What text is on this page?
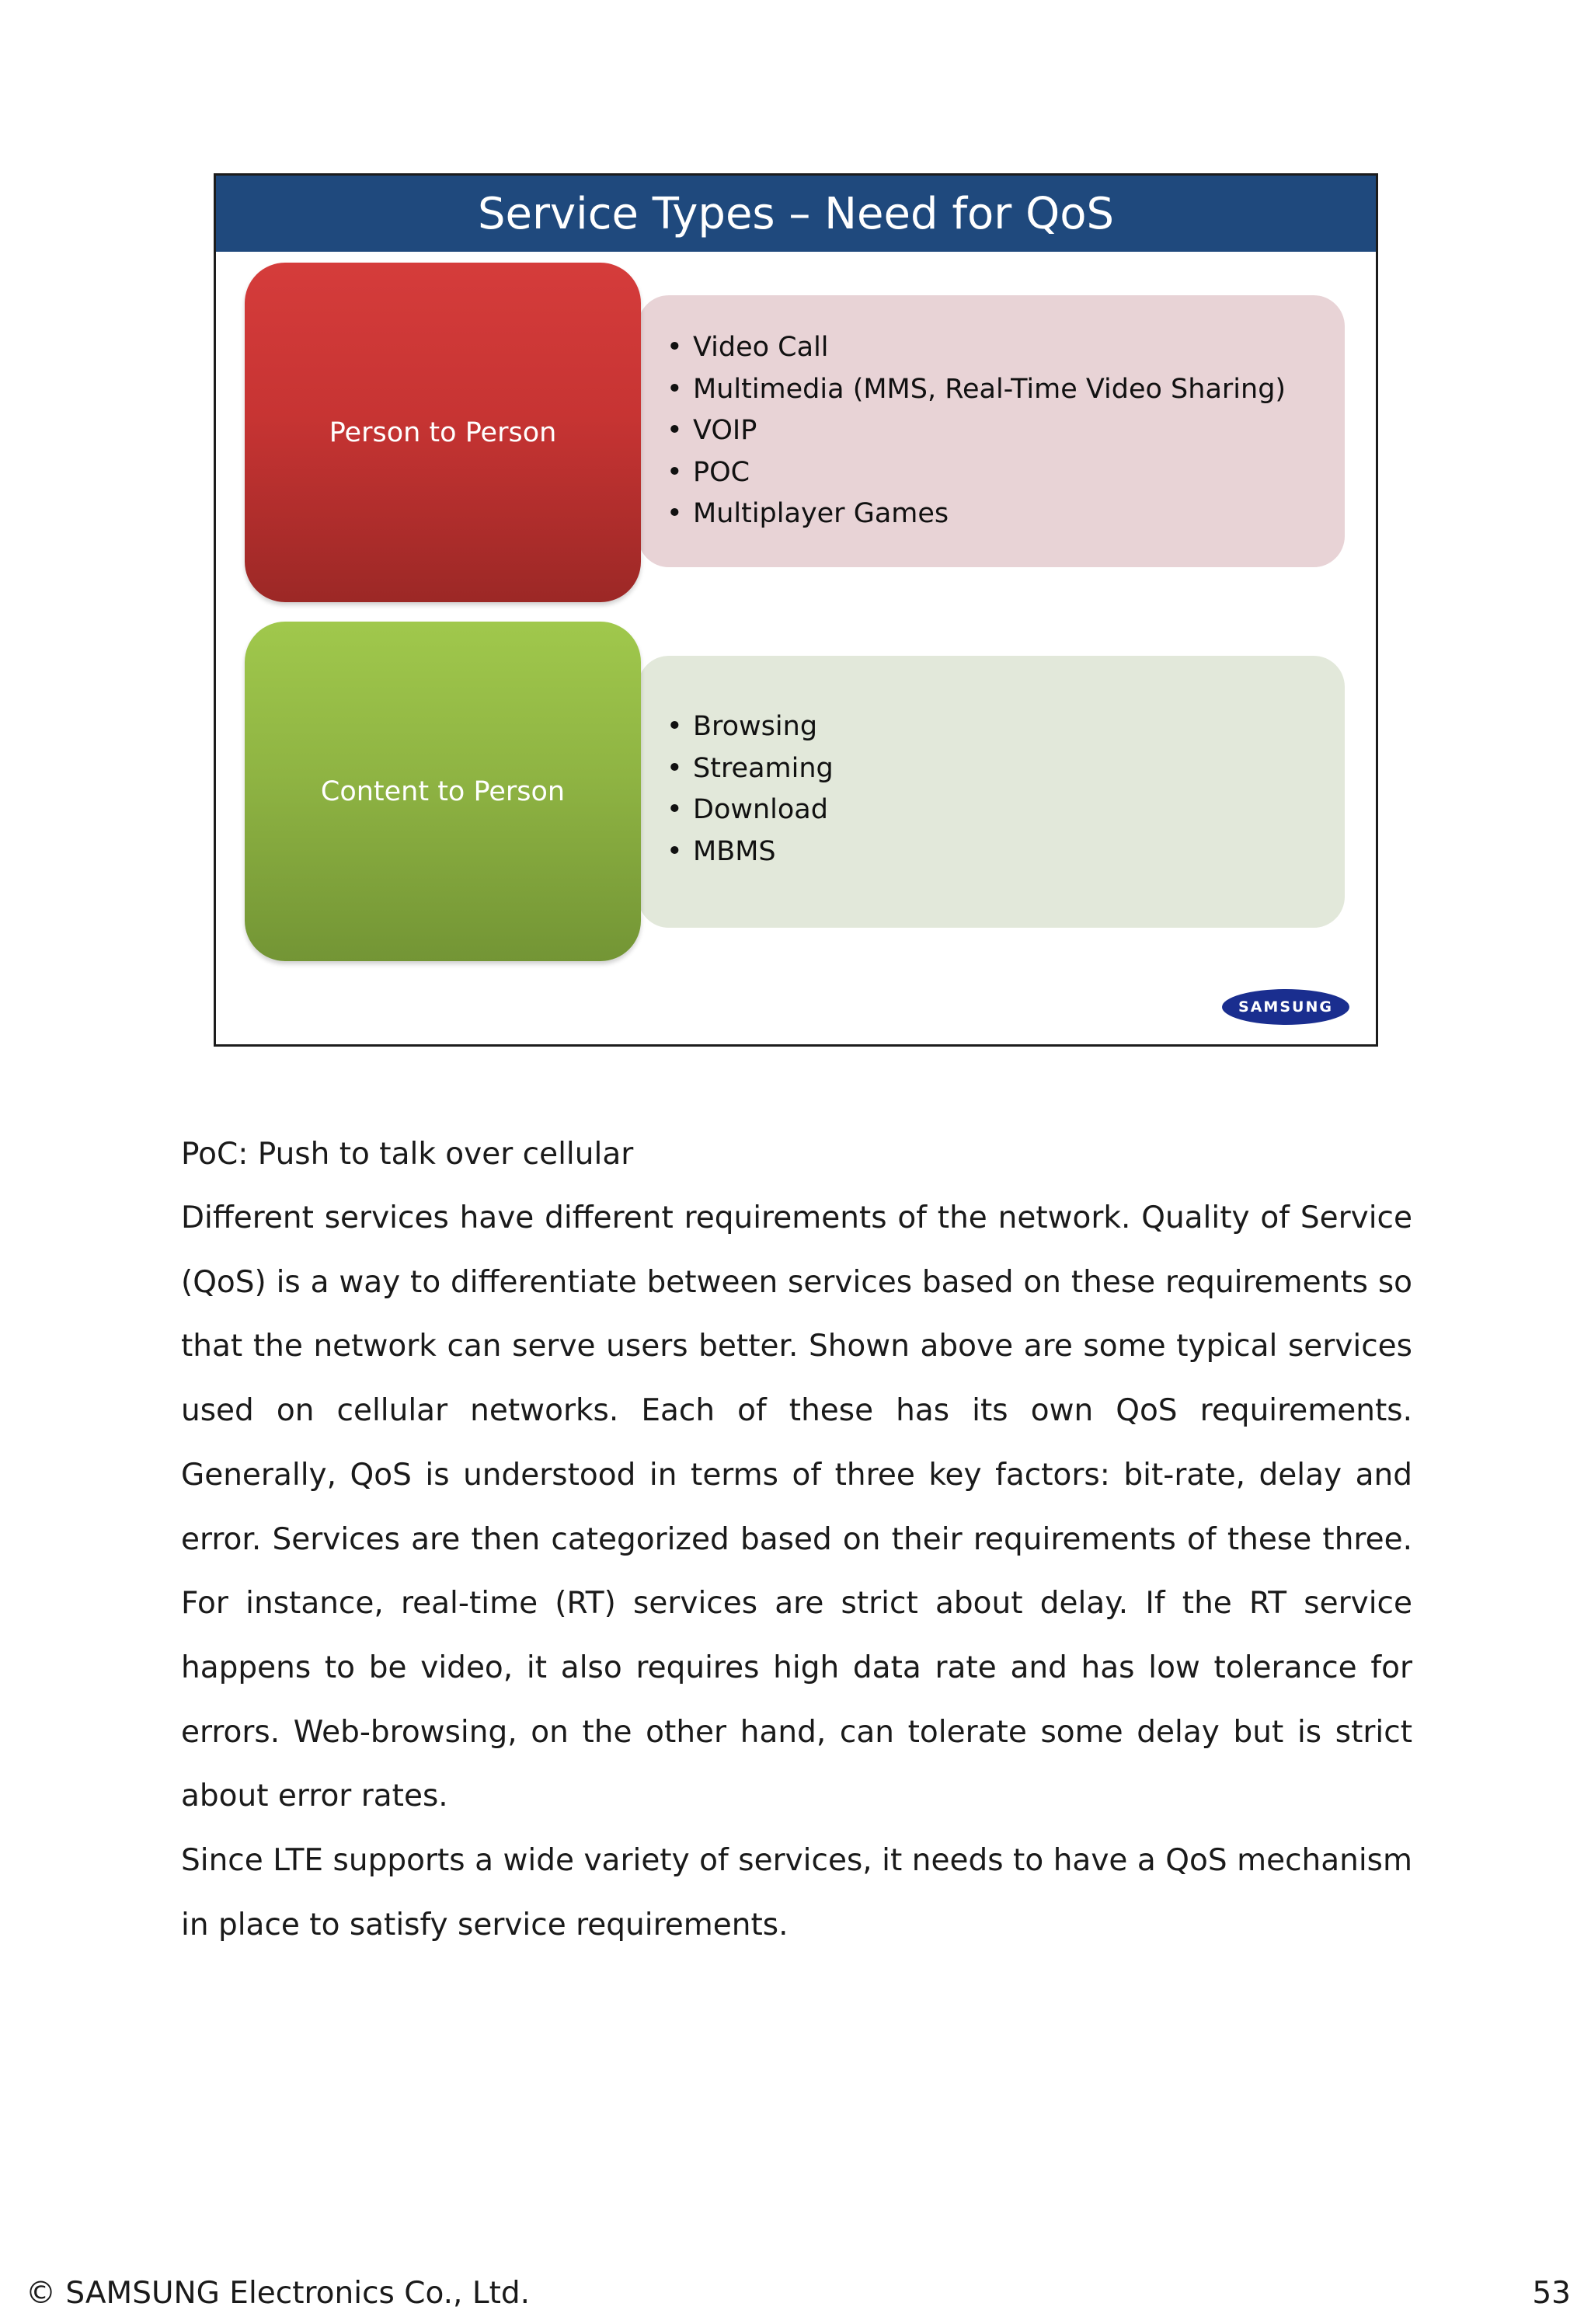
Service Types – Need for QoS
Person to Person
• Video Call
• Multimedia (MMS, Real-Time Video Sharing)
• VOIP
• POC
• Multiplayer Games
Content to Person
• Browsing
• Streaming
• Download
• MBMS
SAMSUNG
PoC: Push to talk over cellular
Different services have different requirements of the network. Quality of Service (QoS) is a way to differentiate between services based on these requirements so that the network can serve users better. Shown above are some typical services used on cellular networks. Each of these has its own QoS requirements. Generally, QoS is understood in terms of three key factors: bit-rate, delay and error. Services are then categorized based on their requirements of these three. For instance, real-time (RT) services are strict about delay. If the RT service happens to be video, it also requires high data rate and has low tolerance for errors. Web-browsing, on the other hand, can tolerate some delay but is strict about error rates.
Since LTE supports a wide variety of services, it needs to have a QoS mechanism in place to satisfy service requirements.
© SAMSUNG Electronics Co., Ltd.	53
